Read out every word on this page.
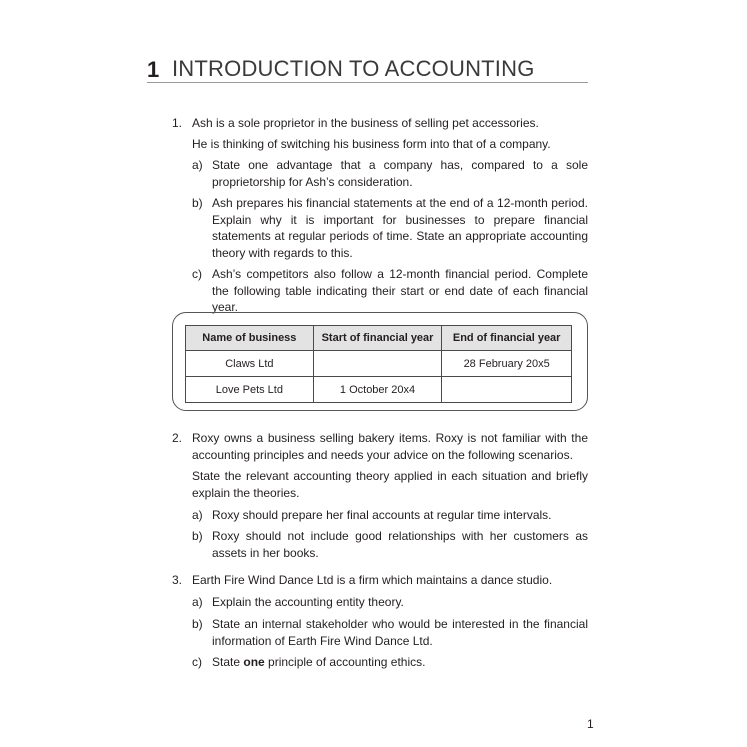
1 INTRODUCTION TO ACCOUNTING
1. Ash is a sole proprietor in the business of selling pet accessories.
He is thinking of switching his business form into that of a company.
a) State one advantage that a company has, compared to a sole proprietorship for Ash’s consideration.
b) Ash prepares his financial statements at the end of a 12-month period. Explain why it is important for businesses to prepare financial statements at regular periods of time. State an appropriate accounting theory with regards to this.
c) Ash’s competitors also follow a 12-month financial period. Complete the following table indicating their start or end date of each financial year.
Name of business	Start of financial year	End of financial year
Claws Ltd		28 February 20x5
Love Pets Ltd	1 October 20x4	
2. Roxy owns a business selling bakery items. Roxy is not familiar with the accounting principles and needs your advice on the following scenarios.
State the relevant accounting theory applied in each situation and briefly explain the theories.
a) Roxy should prepare her final accounts at regular time intervals.
b) Roxy should not include good relationships with her customers as assets in her books.
3. Earth Fire Wind Dance Ltd is a firm which maintains a dance studio.
a) Explain the accounting entity theory.
b) State an internal stakeholder who would be interested in the financial information of Earth Fire Wind Dance Ltd.
c) State one principle of accounting ethics.
1
